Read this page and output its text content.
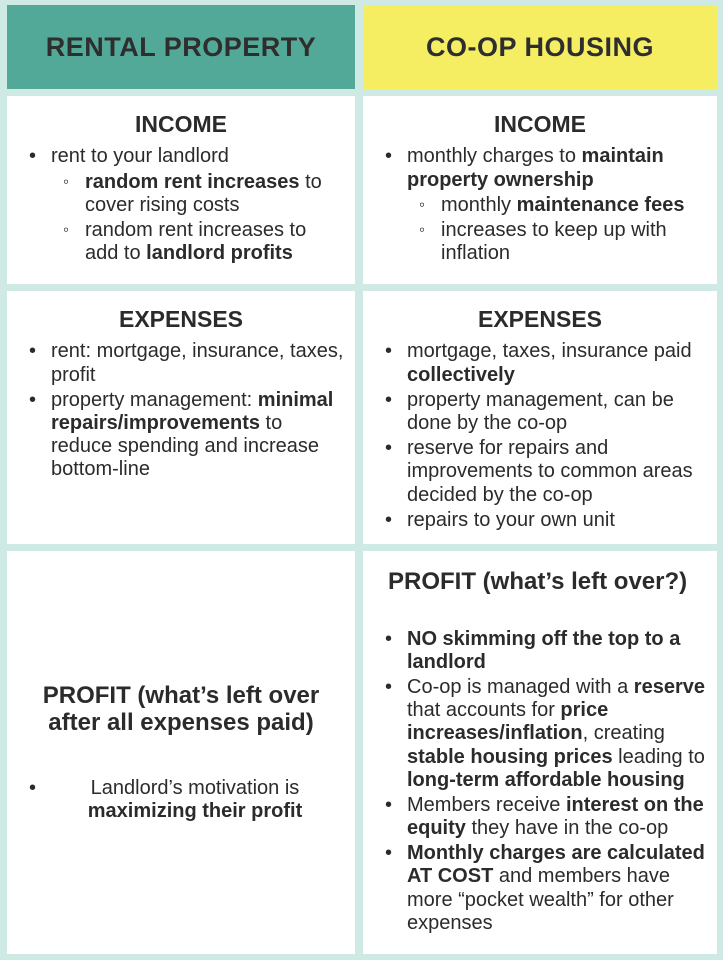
RENTAL PROPERTY	CO-OP HOUSING
INCOME
• rent to your landlord
◦ random rent increases to cover rising costs
◦ random rent increases to add to landlord profits
INCOME
• monthly charges to maintain property ownership
◦ monthly maintenance fees
◦ increases to keep up with inflation
EXPENSES
• rent: mortgage, insurance, taxes, profit
• property management: minimal repairs/improvements to reduce spending and increase bottom-line
EXPENSES
• mortgage, taxes, insurance paid collectively
• property management, can be done by the co-op
• reserve for repairs and improvements to common areas decided by the co-op
• repairs to your own unit
PROFIT (what’s left over after all expenses paid)
•	Landlord’s motivation is maximizing their profit
PROFIT (what’s left over?)
• NO skimming off the top to a landlord
• Co-op is managed with a reserve that accounts for price increases/inflation, creating stable housing prices leading to long-term affordable housing
• Members receive interest on the equity they have in the co-op
• Monthly charges are calculated AT COST and members have more “pocket wealth” for other expenses
